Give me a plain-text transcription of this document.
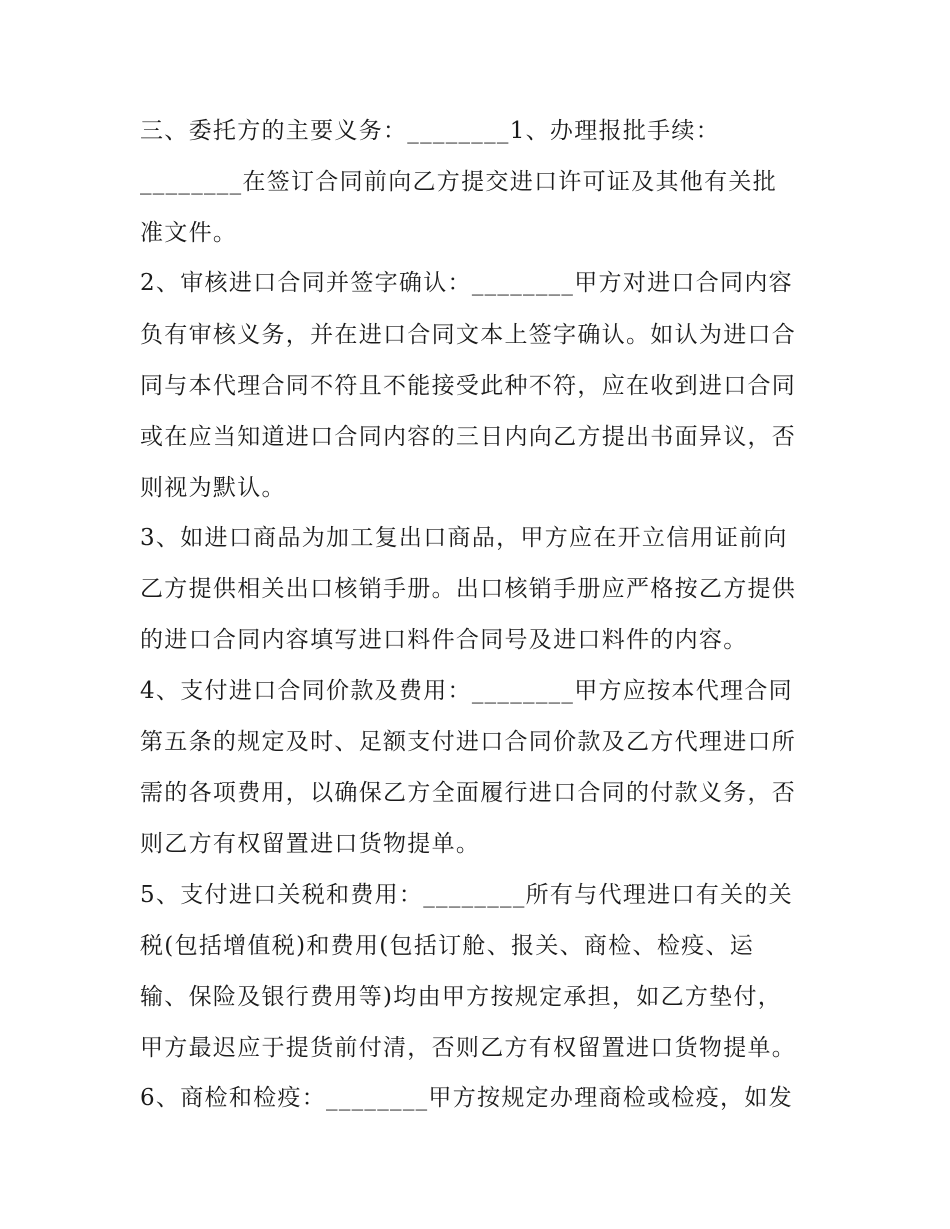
三、委托方的主要义务：________1、办理报批手续：
________在签订合同前向乙方提交进口许可证及其他有关批
准文件。
2、审核进口合同并签字确认：________甲方对进口合同内容
负有审核义务，并在进口合同文本上签字确认。如认为进口合
同与本代理合同不符且不能接受此种不符，应在收到进口合同
或在应当知道进口合同内容的三日内向乙方提出书面异议，否
则视为默认。
3、如进口商品为加工复出口商品，甲方应在开立信用证前向
乙方提供相关出口核销手册。出口核销手册应严格按乙方提供
的进口合同内容填写进口料件合同号及进口料件的内容。
4、支付进口合同价款及费用：________甲方应按本代理合同
第五条的规定及时、足额支付进口合同价款及乙方代理进口所
需的各项费用，以确保乙方全面履行进口合同的付款义务，否
则乙方有权留置进口货物提单。
5、支付进口关税和费用：________所有与代理进口有关的关
税(包括增值税)和费用(包括订舱、报关、商检、检疫、运
输、保险及银行费用等)均由甲方按规定承担，如乙方垫付，
甲方最迟应于提货前付清，否则乙方有权留置进口货物提单。
6、商检和检疫：________甲方按规定办理商检或检疫，如发
